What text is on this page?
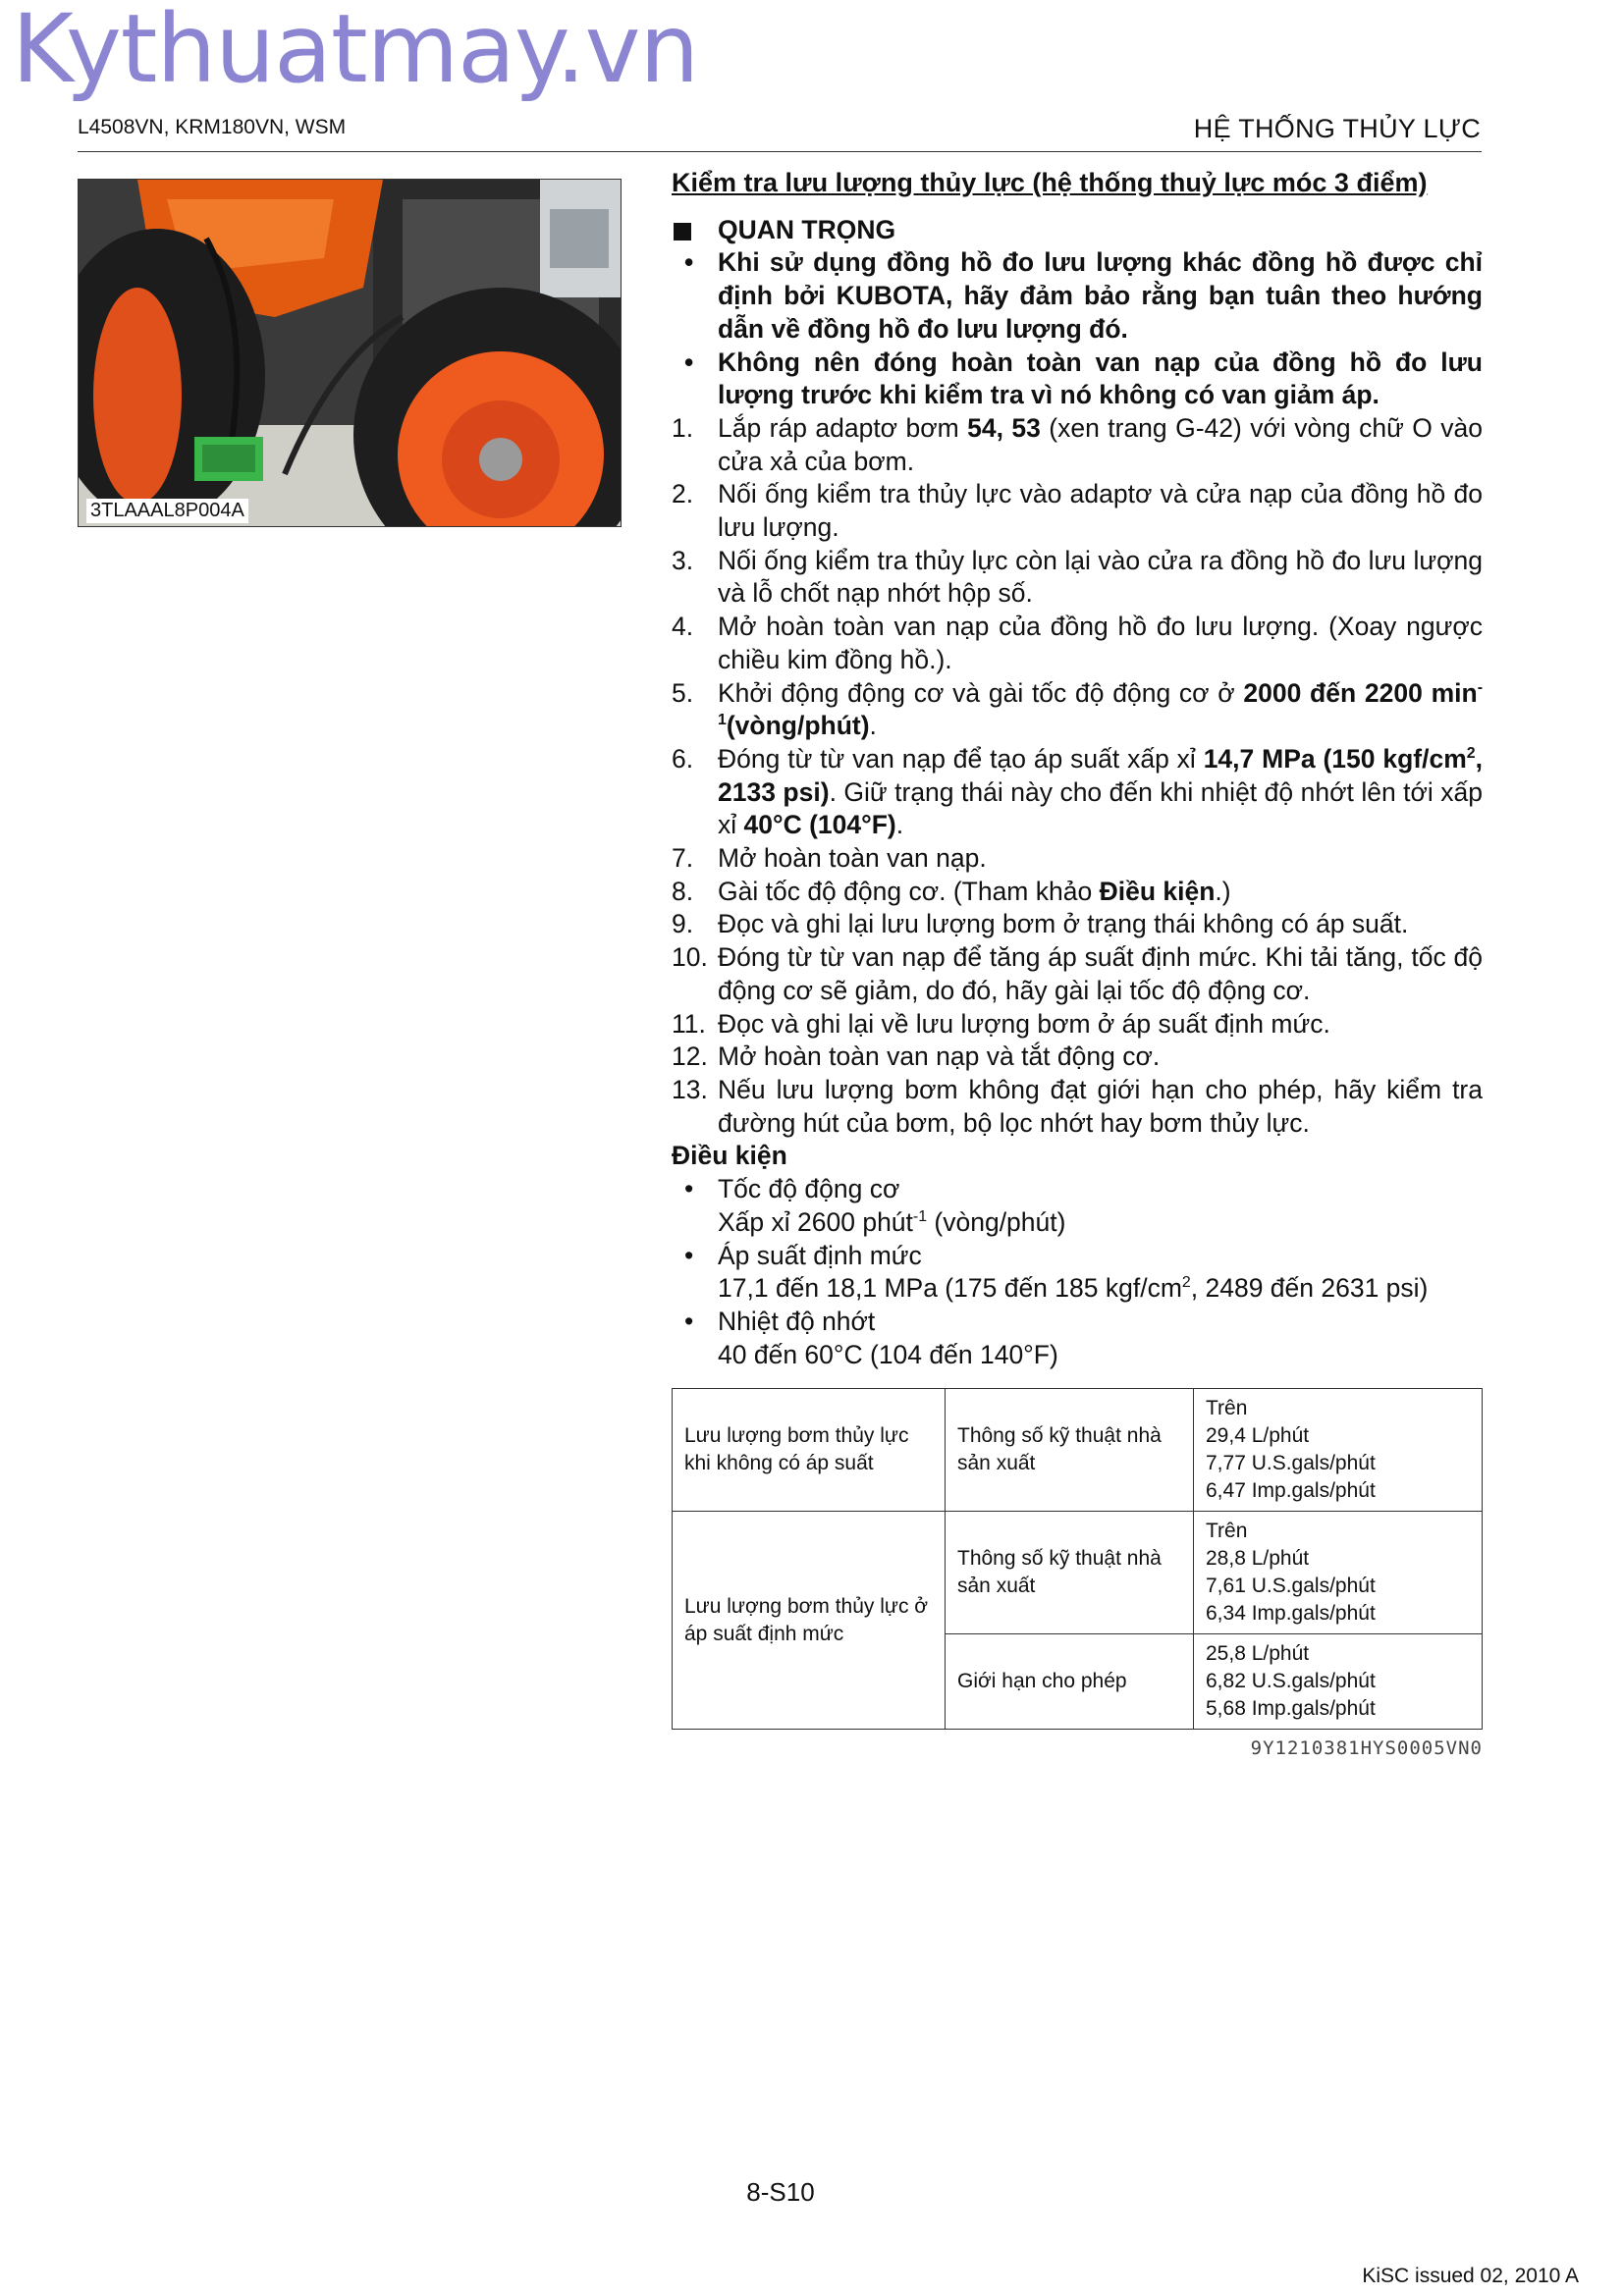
Kythuatmay.vn
L4508VN, KRM180VN, WSM	HỆ THỐNG THỦY LỰC
3TLAAAL8P004A
Kiểm tra lưu lượng thủy lực (hệ thống thuỷ lực móc 3 điểm)
QUAN TRỌNG
• Khi sử dụng đồng hồ đo lưu lượng khác đồng hồ được chỉ định bởi KUBOTA, hãy đảm bảo rằng bạn tuân theo hướng dẫn về đồng hồ đo lưu lượng đó.
• Không nên đóng hoàn toàn van nạp của đồng hồ đo lưu lượng trước khi kiểm tra vì nó không có van giảm áp.
1. Lắp ráp adaptơ bơm 54, 53 (xen trang G-42) với vòng chữ O vào cửa xả của bơm.
2. Nối ống kiểm tra thủy lực vào adaptơ và cửa nạp của đồng hồ đo lưu lượng.
3. Nối ống kiểm tra thủy lực còn lại vào cửa ra đồng hồ đo lưu lượng và lỗ chốt nạp nhớt hộp số.
4. Mở hoàn toàn van nạp của đồng hồ đo lưu lượng. (Xoay ngược chiều kim đồng hồ.).
5. Khởi động động cơ và gài tốc độ động cơ ở 2000 đến 2200 $\min^{-1}(vòng/phút)$.
6. Đóng từ từ van nạp để tạo áp suất xấp xỉ 14,7 MPa (150 kgf/$cm^2$, 2133 psi). Giữ trạng thái này cho đến khi nhiệt độ nhớt lên tới xấp xỉ 40°C (104°F).
7. Mở hoàn toàn van nạp.
8. Gài tốc độ động cơ. (Tham khảo Điều kiện.)
9. Đọc và ghi lại lưu lượng bơm ở trạng thái không có áp suất.
10. Đóng từ từ van nạp để tăng áp suất định mức. Khi tải tăng, tốc độ động cơ sẽ giảm, do đó, hãy gài lại tốc độ động cơ.
11. Đọc và ghi lại về lưu lượng bơm ở áp suất định mức.
12. Mở hoàn toàn van nạp và tắt động cơ.
13. Nếu lưu lượng bơm không đạt giới hạn cho phép, hãy kiểm tra đường hút của bơm, bộ lọc nhớt hay bơm thủy lực.
Điều kiện
• Tốc độ động cơ
Xấp xỉ 2600 phút$^{-1}$ (vòng/phút)
• Áp suất định mức
17,1 đến 18,1 MPa (175 đến 185 kgf/$cm^2$, 2489 đến 2631 psi)
• Nhiệt độ nhớt
40 đến 60°C (104 đến 140°F)
Lưu lượng bơm thủy lực khi không có áp suất	Thông số kỹ thuật nhà sản xuất	Trên
29,4 L/phút
7,77 U.S.gals/phút
6,47 Imp.gals/phút

Lưu lượng bơm thủy lực ở áp suất định mức	Thông số kỹ thuật nhà sản xuất	Trên
28,8 L/phút
7,61 U.S.gals/phút
6,34 Imp.gals/phút

	Giới hạn cho phép	25,8 L/phút
6,82 U.S.gals/phút
5,68 Imp.gals/phút
9Y1210381HYS0005VN0
8-S10
KiSC issued 02, 2010 A
